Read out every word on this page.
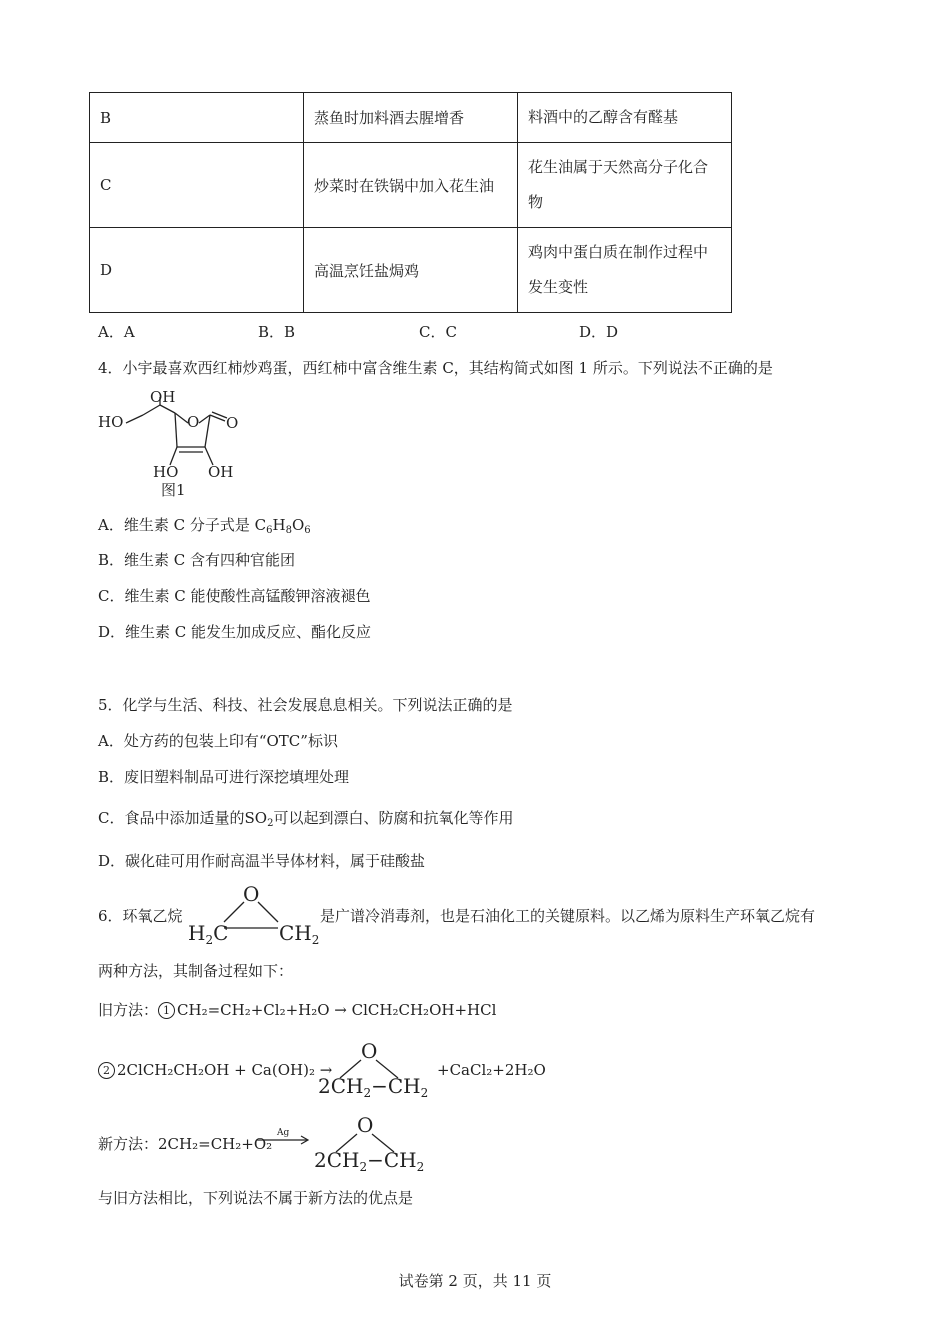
B	蒸鱼时加料酒去腥增香	料酒中的乙醇含有醛基
C	炒菜时在铁锅中加入花生油	花生油属于天然高分子化合物
D	高温烹饪盐焗鸡	鸡肉中蛋白质在制作过程中发生变性
A．A	B．B	C．C	D．D
4．小宇最喜欢西红柿炒鸡蛋，西红柿中富含维生素 C，其结构简式如图 1 所示。下列说法不正确的是
OH
HO	O O
HO OH
图1
A．维生素 C 分子式是 $C_6H_8O_6$
B．维生素 C 含有四种官能团
C．维生素 C 能使酸性高锰酸钾溶液褪色
D．维生素 C 能发生加成反应、酯化反应
5．化学与生活、科技、社会发展息息相关。下列说法正确的是
A．处方药的包装上印有“OTC”标识
B．废旧塑料制品可进行深挖填埋处理
C．食品中添加适量的$SO_2$可以起到漂白、防腐和抗氧化等作用
D．碳化硅可用作耐高温半导体材料，属于硅酸盐
6．环氧乙烷
O
$H_2C$	$CH_2$
是广谱冷消毒剂，也是石油化工的关键原料。以乙烯为原料生产环氧乙烷有
两种方法，其制备过程如下：
旧方法： 1 CH₂=CH₂+Cl₂+H₂O → ClCH₂CH₂OH+HCl
2 2ClCH₂CH₂OH + Ca(OH)₂ →
O
$2CH_2-CH_2$
+CaCl₂+2H₂O
新方法：2CH₂=CH₂+O₂
Ag	O
$2CH_2-CH_2$
与旧方法相比，下列说法不属于新方法的优点是
试卷第 2 页，共 11 页
